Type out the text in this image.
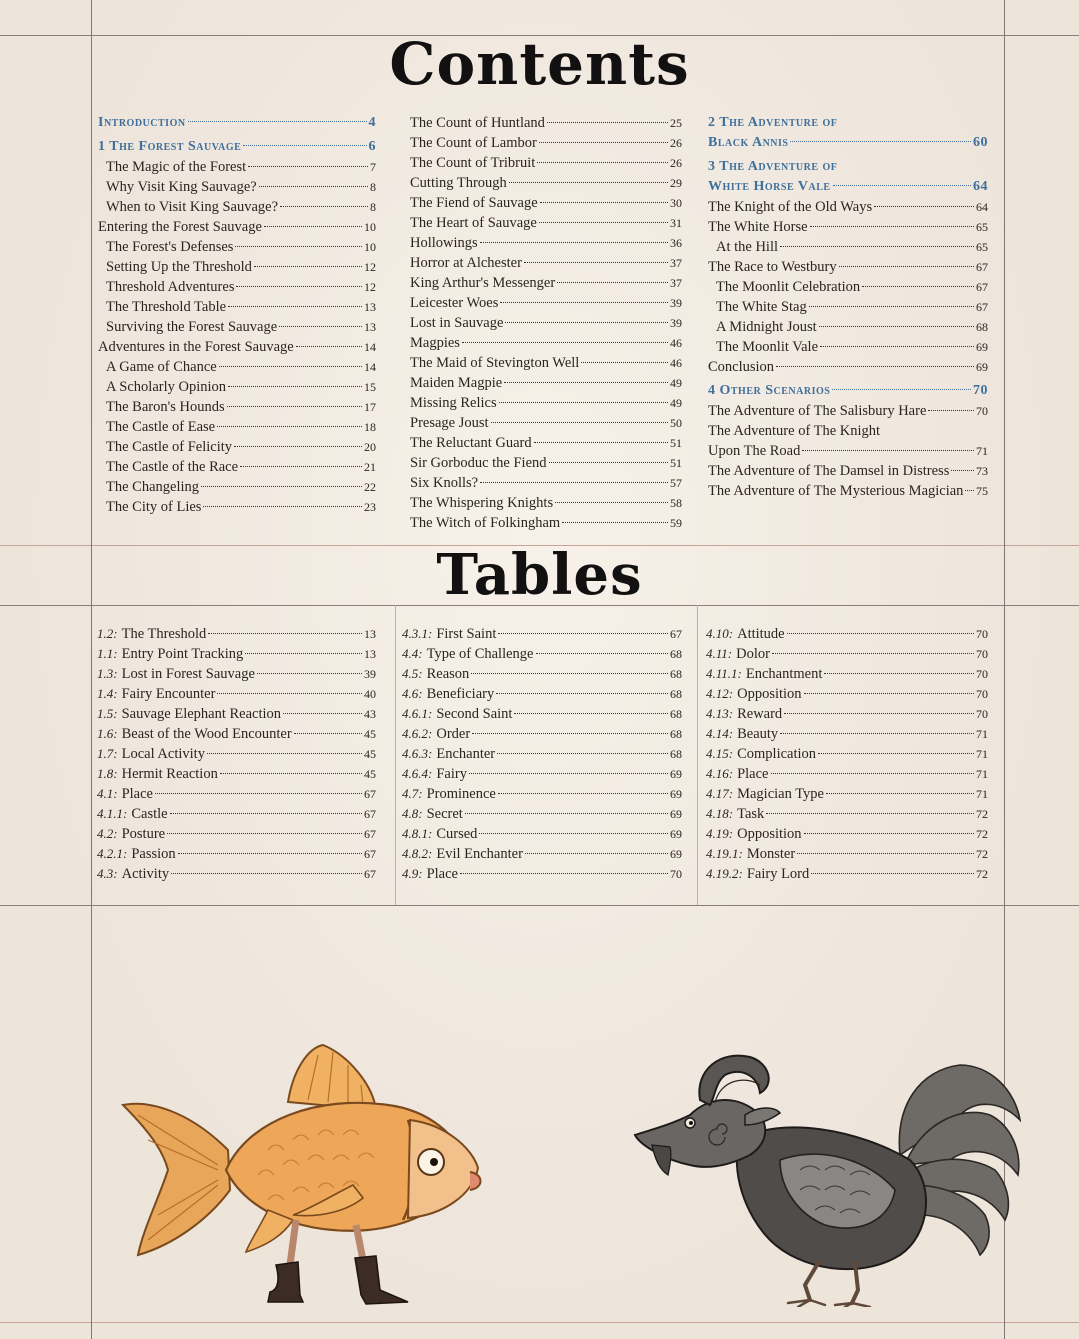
Contents
Tables
Introduction	4
1 The Forest Sauvage	6
The Magic of the Forest	7
Why Visit King Sauvage?	8
When to Visit King Sauvage?	8
Entering the Forest Sauvage	10
The Forest's Defenses	10
Setting Up the Threshold	12
Threshold Adventures	12
The Threshold Table	13
Surviving the Forest Sauvage	13
Adventures in the Forest Sauvage	14
A Game of Chance	14
A Scholarly Opinion	15
The Baron's Hounds	17
The Castle of Ease	18
The Castle of Felicity	20
The Castle of the Race	21
The Changeling	22
The City of Lies	23
The Count of Huntland	25
The Count of Lambor	26
The Count of Tribruit	26
Cutting Through	29
The Fiend of Sauvage	30
The Heart of Sauvage	31
Hollowings	36
Horror at Alchester	37
King Arthur's Messenger	37
Leicester Woes	39
Lost in Sauvage	39
Magpies	46
The Maid of Stevington Well	46
Maiden Magpie	49
Missing Relics	49
Presage Joust	50
The Reluctant Guard	51
Sir Gorboduc the Fiend	51
Six Knolls?	57
The Whispering Knights	58
The Witch of Folkingham	59
2 The Adventure of
Black Annis	60
3 The Adventure of
White Horse Vale	64
The Knight of the Old Ways	64
The White Horse	65
At the Hill	65
The Race to Westbury	67
The Moonlit Celebration	67
The White Stag	67
A Midnight Joust	68
The Moonlit Vale	69
Conclusion	69
4 Other Scenarios	70
The Adventure of The Salisbury Hare	70
The Adventure of The Knight
Upon The Road	71
The Adventure of The Damsel in Distress 73
The Adventure of The Mysterious Magician 75
1.2: The Threshold	13
1.1: Entry Point Tracking	13
1.3: Lost in Forest Sauvage	39
1.4: Fairy Encounter	40
1.5: Sauvage Elephant Reaction	43
1.6: Beast of the Wood Encounter	45
1.7: Local Activity	45
1.8: Hermit Reaction	45
4.1: Place	67
4.1.1: Castle	67
4.2: Posture	67
4.2.1: Passion	67
4.3: Activity	67
4.3.1: First Saint	67
4.4: Type of Challenge	68
4.5: Reason	68
4.6: Beneficiary	68
4.6.1: Second Saint	68
4.6.2: Order	68
4.6.3: Enchanter	68
4.6.4: Fairy	69
4.7: Prominence	69
4.8: Secret	69
4.8.1: Cursed	69
4.8.2: Evil Enchanter	69
4.9: Place	70
4.10: Attitude	70
4.11: Dolor	70
4.11.1: Enchantment	70
4.12: Opposition	70
4.13: Reward	70
4.14: Beauty	71
4.15: Complication	71
4.16: Place	71
4.17: Magician Type	71
4.18: Task	72
4.19: Opposition	72
4.19.1: Monster	72
4.19.2: Fairy Lord	72
